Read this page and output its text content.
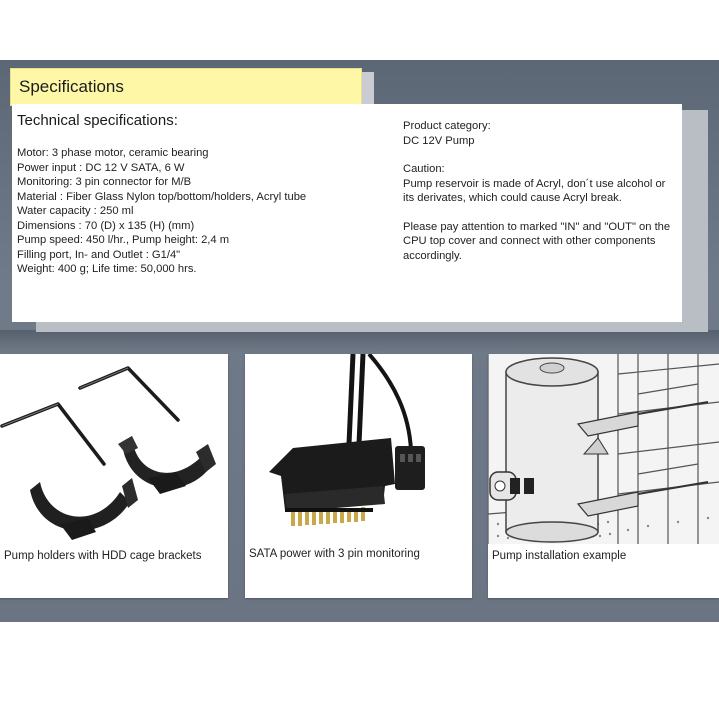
Specifications
Technical specifications:
Motor: 3 phase motor, ceramic bearing
Power input : DC 12 V SATA, 6 W
Monitoring: 3 pin connector for M/B
Material : Fiber Glass Nylon top/bottom/holders, Acryl tube
Water capacity : 250 ml
Dimensions : 70 (D) x 135 (H) (mm)
Pump speed: 450 l/hr., Pump height: 2,4 m
Filling port, In- and Outlet : G1/4"
Weight: 400 g; Life time: 50,000 hrs.

Product category:

DC 12V Pump

Caution:

Pump reservoir is made of Acryl, don´t use alcohol or its derivates, which could cause Acryl break.

Please pay attention to marked "IN" and "OUT" on the CPU top cover and connect with other components accordingly.

Pump holders with HDD cage brackets	SATA power with 3 pin monitoring	Pump installation example
